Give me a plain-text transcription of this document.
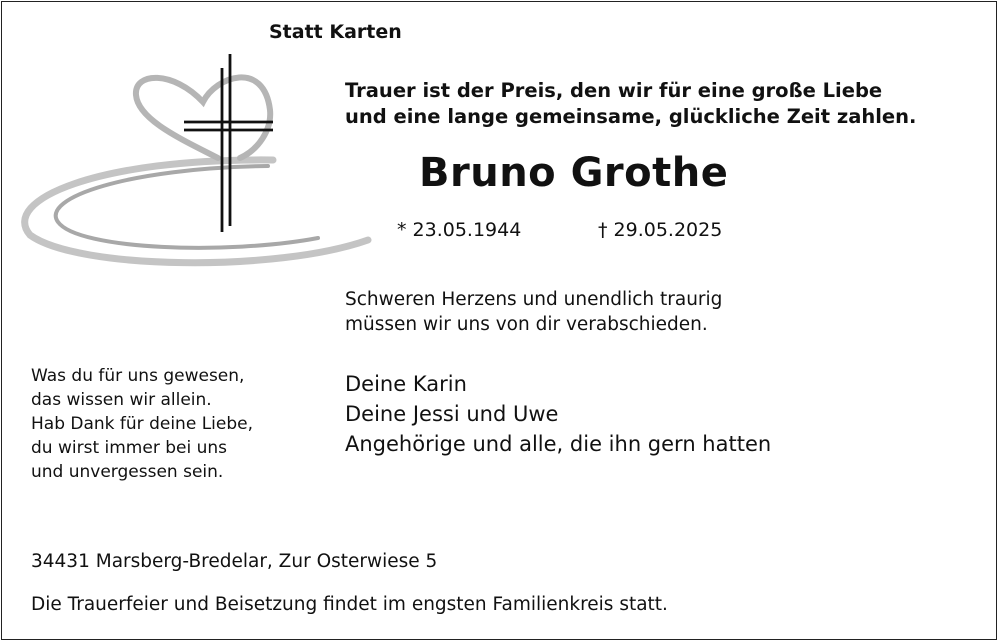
Statt Karten
Trauer ist der Preis, den wir für eine große Liebe
und eine lange gemeinsame, glückliche Zeit zahlen.
Bruno Grothe
* 23.05.1944	† 29.05.2025
Schweren Herzens und unendlich traurig
müssen wir uns von dir verabschieden.
Was du für uns gewesen,
das wissen wir allein.
Hab Dank für deine Liebe,
du wirst immer bei uns
und unvergessen sein.
Deine Karin
Deine Jessi und Uwe
Angehörige und alle, die ihn gern hatten
34431 Marsberg-Bredelar, Zur Osterwiese 5
Die Trauerfeier und Beisetzung findet im engsten Familienkreis statt.
